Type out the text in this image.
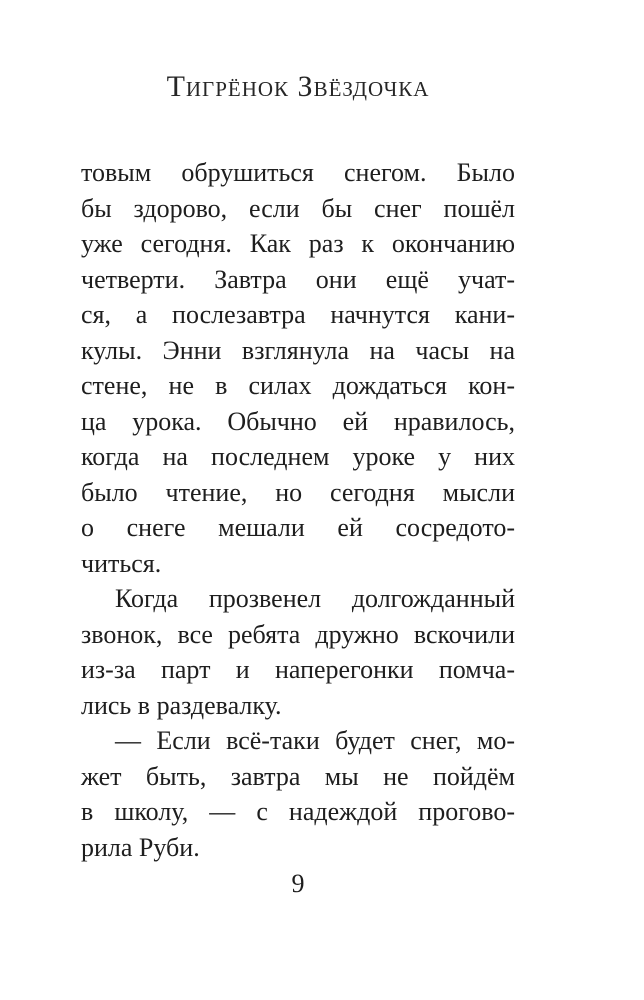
Тигрёнок Звёздочка
товым обрушиться снегом. Было
бы здорово, если бы снег пошёл
уже сегодня. Как раз к окончанию
четверти. Завтра они ещё учат-
ся, а послезавтра начнутся кани-
кулы. Энни взглянула на часы на
стене, не в силах дождаться кон-
ца урока. Обычно ей нравилось,
когда на последнем уроке у них
было чтение, но сегодня мысли
о снеге мешали ей сосредото-
читься.
Когда прозвенел долгожданный
звонок, все ребята дружно вскочили
из-за парт и наперегонки помча-
лись в раздевалку.
— Если всё-таки будет снег, мо-
жет быть, завтра мы не пойдём
в школу, — с надеждой прогово-
рила Руби.
9
